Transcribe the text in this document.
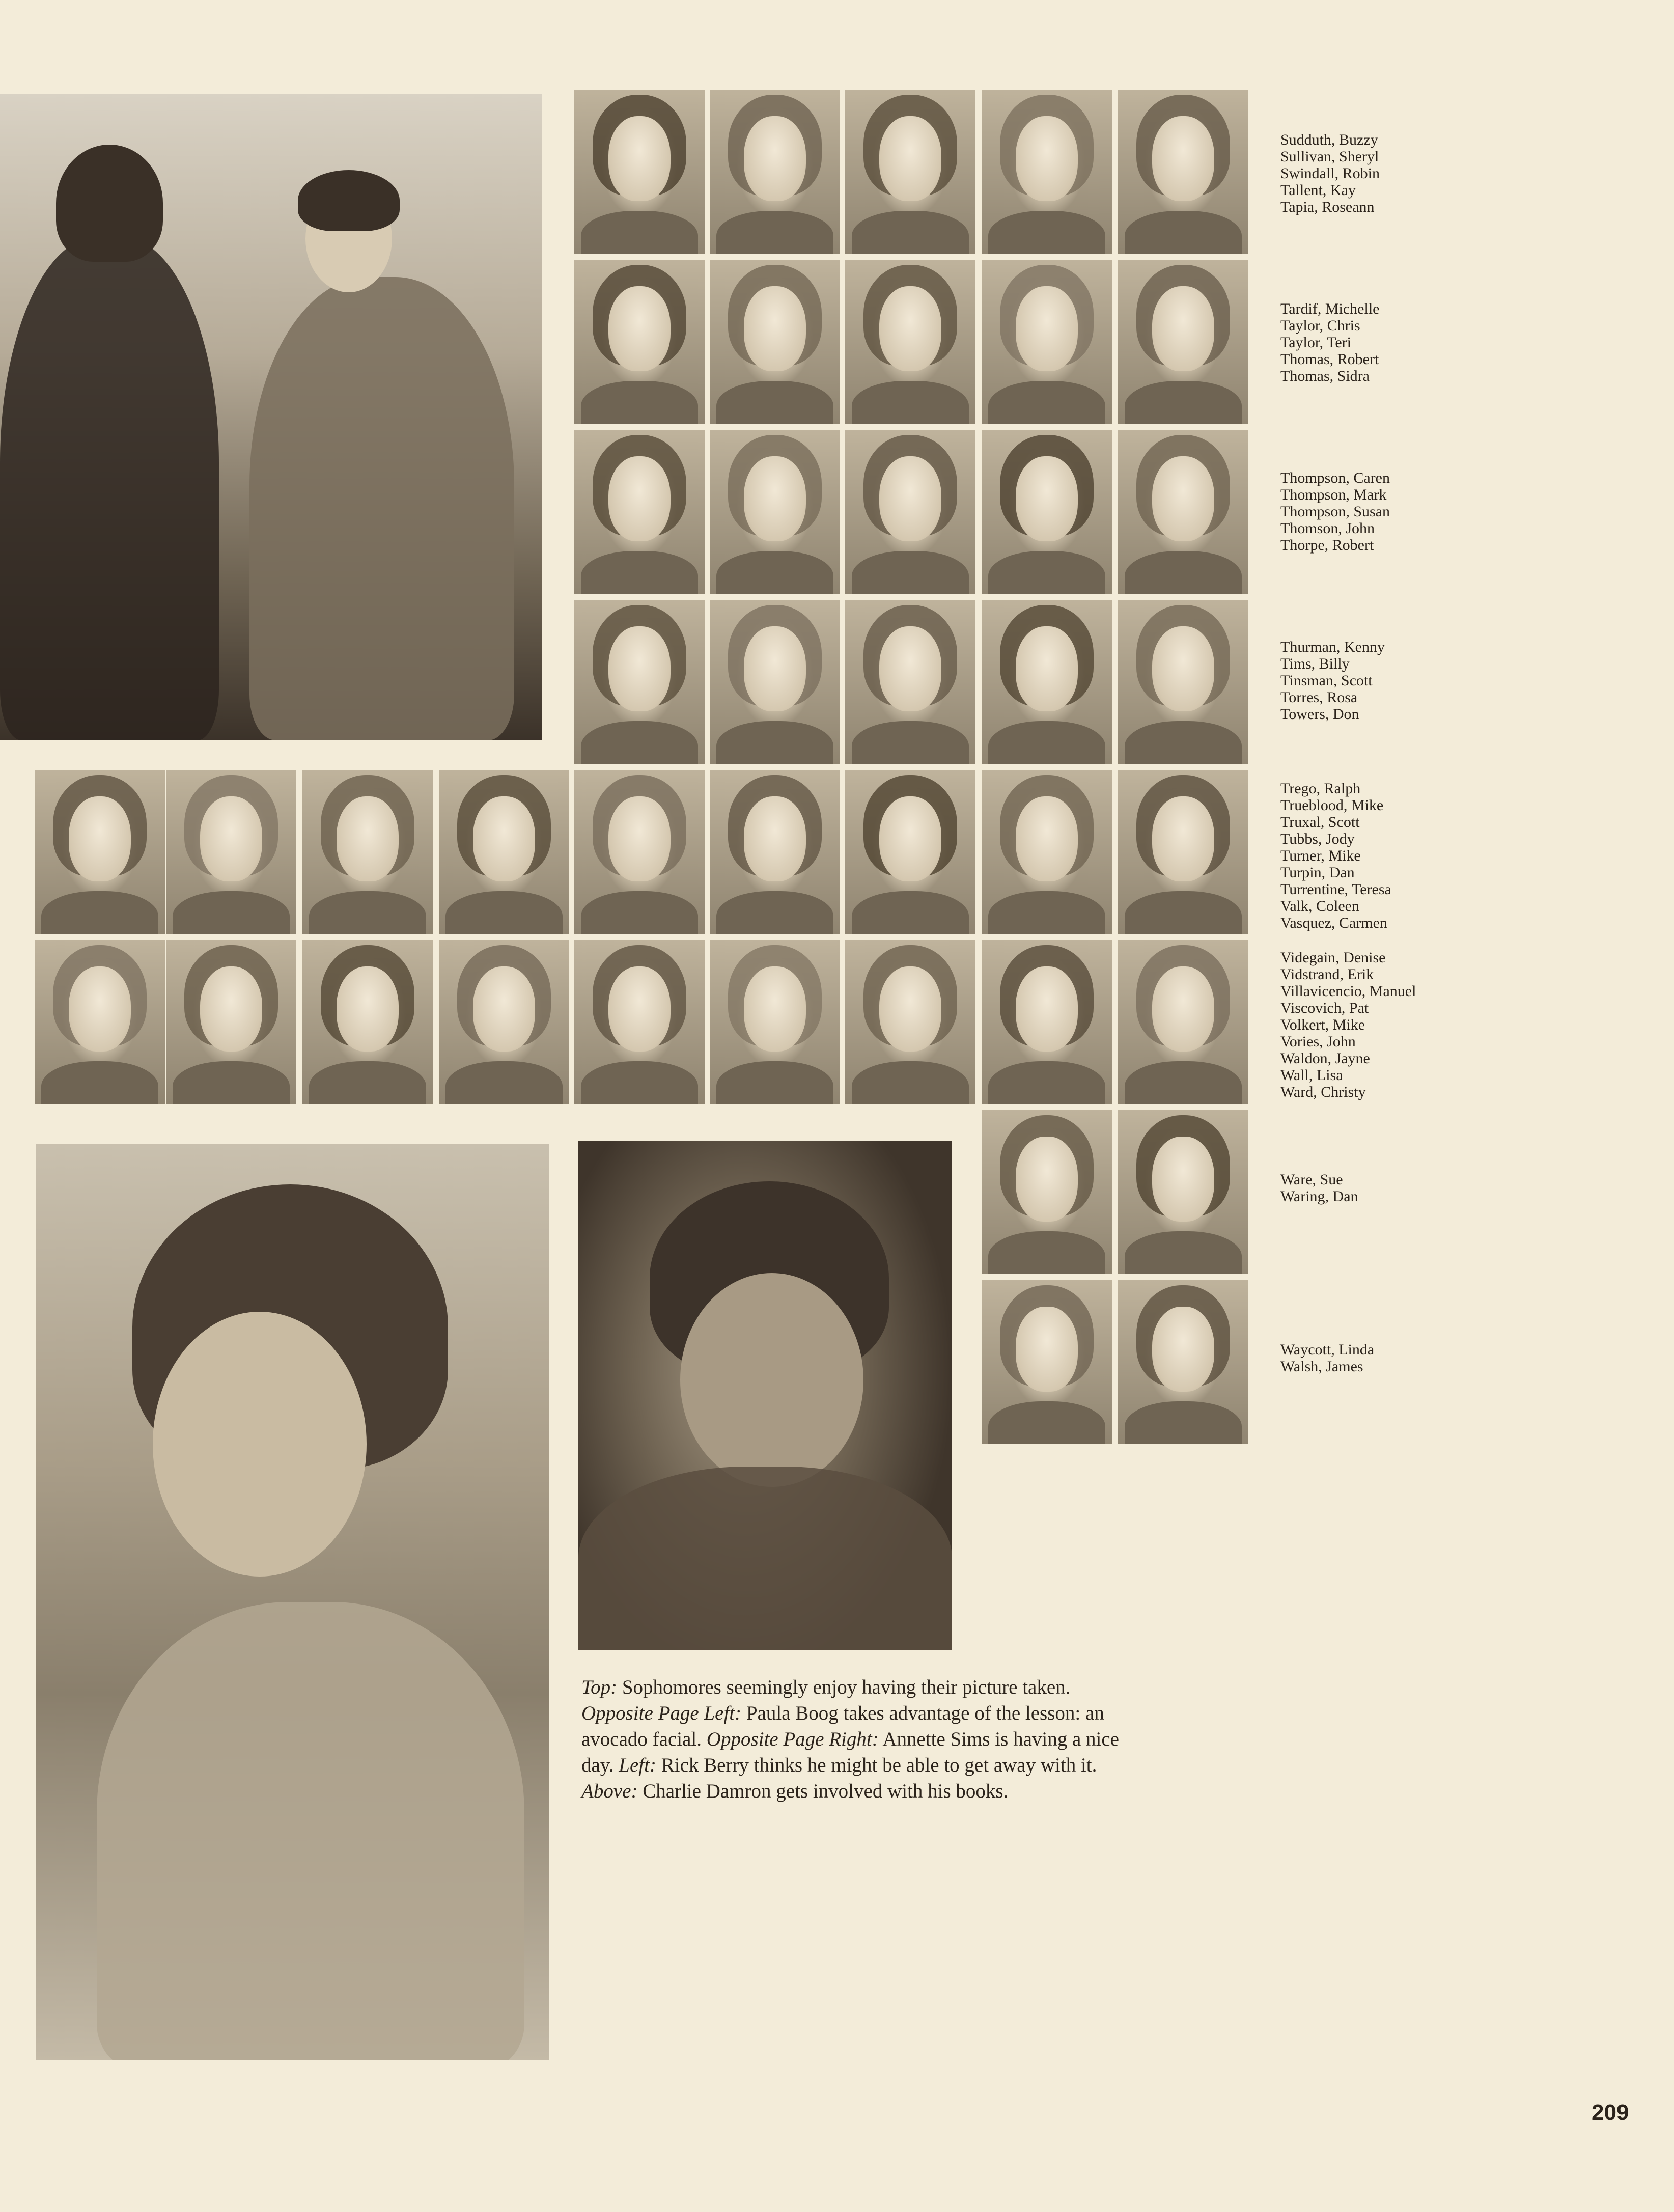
Sudduth, Buzzy
Sullivan, Sheryl
Swindall, Robin
Tallent, Kay
Tapia, Roseann
Tardif, Michelle
Taylor, Chris
Taylor, Teri
Thomas, Robert
Thomas, Sidra
Thompson, Caren
Thompson, Mark
Thompson, Susan
Thomson, John
Thorpe, Robert
Thurman, Kenny
Tims, Billy
Tinsman, Scott
Torres, Rosa
Towers, Don
Trego, Ralph
Trueblood, Mike
Truxal, Scott
Tubbs, Jody
Turner, Mike
Turpin, Dan
Turrentine, Teresa
Valk, Coleen
Vasquez, Carmen
Videgain, Denise
Vidstrand, Erik
Villavicencio, Manuel
Viscovich, Pat
Volkert, Mike
Vories, John
Waldon, Jayne
Wall, Lisa
Ward, Christy
Ware, Sue
Waring, Dan
Waycott, Linda
Walsh, James
Top: Sophomores seemingly enjoy having their picture taken. Opposite Page Left: Paula Boog takes advantage of the lesson: an avocado facial. Opposite Page Right: Annette Sims is having a nice day. Left: Rick Berry thinks he might be able to get away with it. Above: Charlie Damron gets involved with his books.
209
